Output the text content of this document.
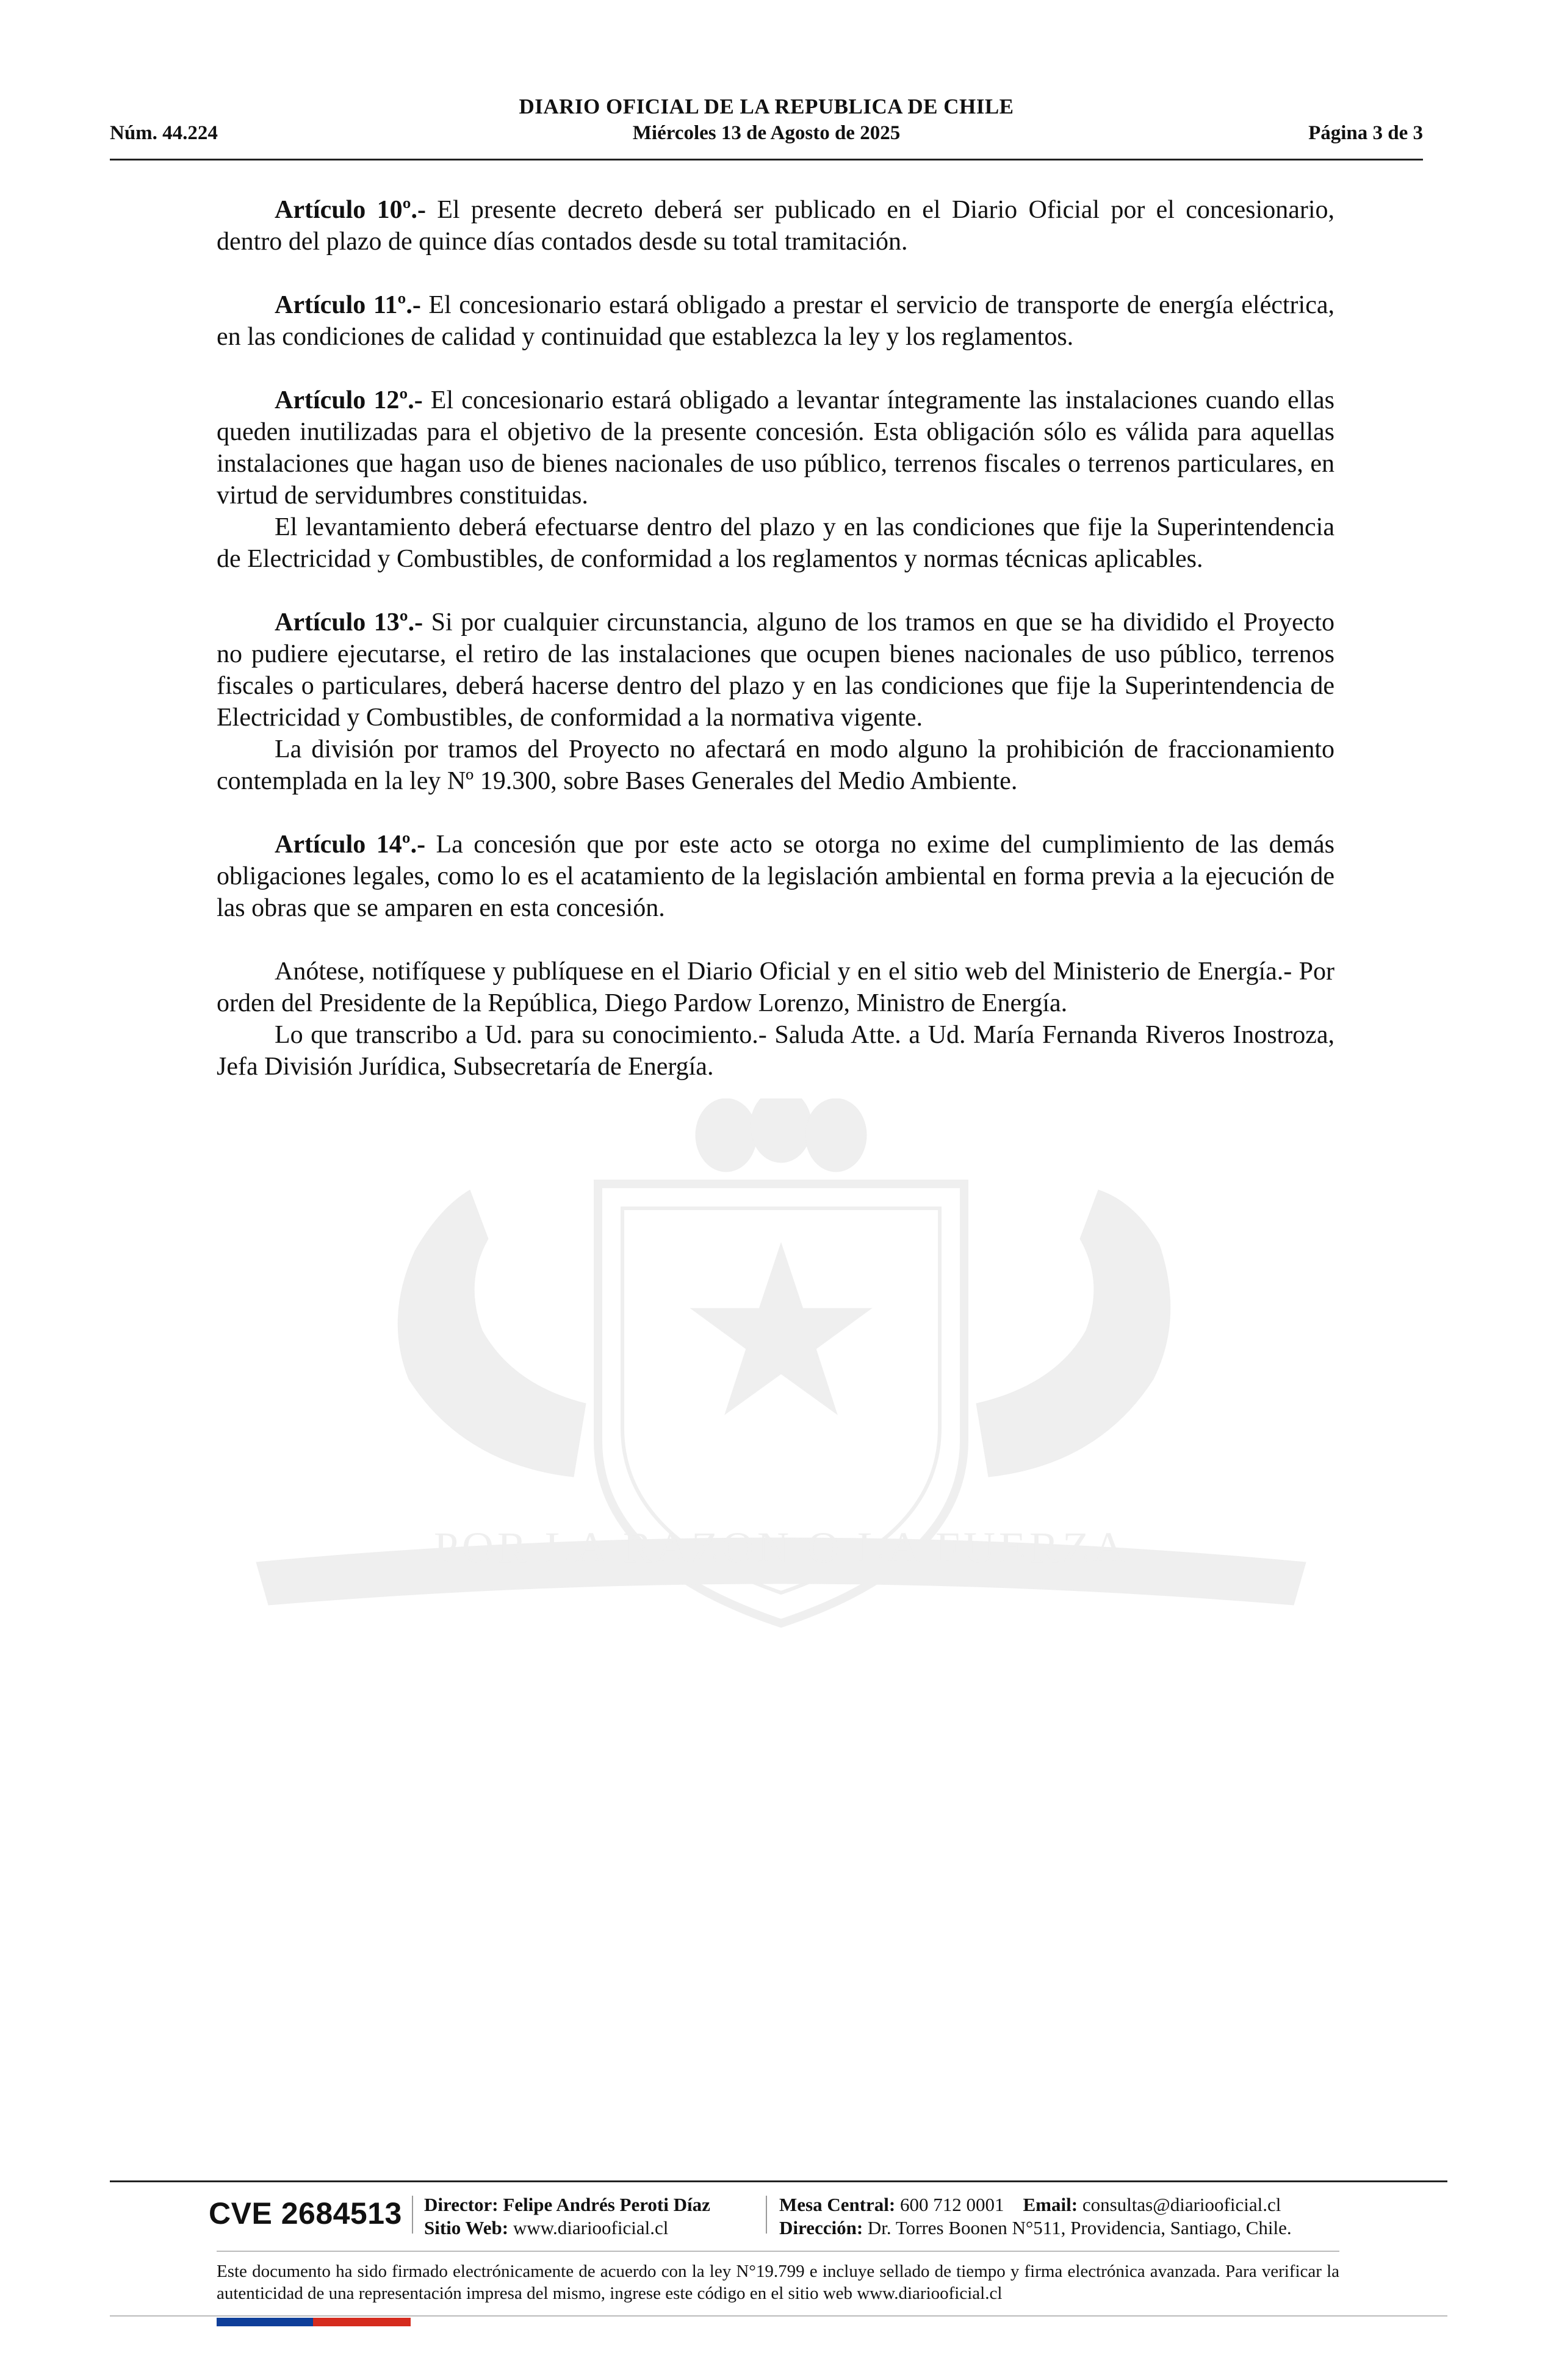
DIARIO OFICIAL DE LA REPUBLICA DE CHILE
Núm. 44.224	Miércoles 13 de Agosto de 2025	Página 3 de 3
POR LA RAZON O LA FUERZA

Artículo 10º.- El presente decreto deberá ser publicado en el Diario Oficial por el concesionario, dentro del plazo de quince días contados desde su total tramitación.

Artículo 11º.- El concesionario estará obligado a prestar el servicio de transporte de energía eléctrica, en las condiciones de calidad y continuidad que establezca la ley y los reglamentos.

Artículo 12º.- El concesionario estará obligado a levantar íntegramente las instalaciones cuando ellas queden inutilizadas para el objetivo de la presente concesión. Esta obligación sólo es válida para aquellas instalaciones que hagan uso de bienes nacionales de uso público, terrenos fiscales o terrenos particulares, en virtud de servidumbres constituidas.

El levantamiento deberá efectuarse dentro del plazo y en las condiciones que fije la Superintendencia de Electricidad y Combustibles, de conformidad a los reglamentos y normas técnicas aplicables.

Artículo 13º.- Si por cualquier circunstancia, alguno de los tramos en que se ha dividido el Proyecto no pudiere ejecutarse, el retiro de las instalaciones que ocupen bienes nacionales de uso público, terrenos fiscales o particulares, deberá hacerse dentro del plazo y en las condiciones que fije la Superintendencia de Electricidad y Combustibles, de conformidad a la normativa vigente.

La división por tramos del Proyecto no afectará en modo alguno la prohibición de fraccionamiento contemplada en la ley Nº 19.300, sobre Bases Generales del Medio Ambiente.

Artículo 14º.- La concesión que por este acto se otorga no exime del cumplimiento de las demás obligaciones legales, como lo es el acatamiento de la legislación ambiental en forma previa a la ejecución de las obras que se amparen en esta concesión.

Anótese, notifíquese y publíquese en el Diario Oficial y en el sitio web del Ministerio de Energía.- Por orden del Presidente de la República, Diego Pardow Lorenzo, Ministro de Energía.

Lo que transcribo a Ud. para su conocimiento.- Saluda Atte. a Ud. María Fernanda Riveros Inostroza, Jefa División Jurídica, Subsecretaría de Energía.

CVE 2684513 Director: Felipe Andrés Peroti Díaz
Sitio Web: www.diariooficial.cl
Mesa Central: 600 712 0001 Email: consultas@diariooficial.cl
Dirección: Dr. Torres Boonen N°511, Providencia, Santiago, Chile.
Este documento ha sido firmado electrónicamente de acuerdo con la ley N°19.799 e incluye sellado de tiempo y firma electrónica avanzada. Para verificar la autenticidad de una representación impresa del mismo, ingrese este código en el sitio web www.diariooficial.cl
